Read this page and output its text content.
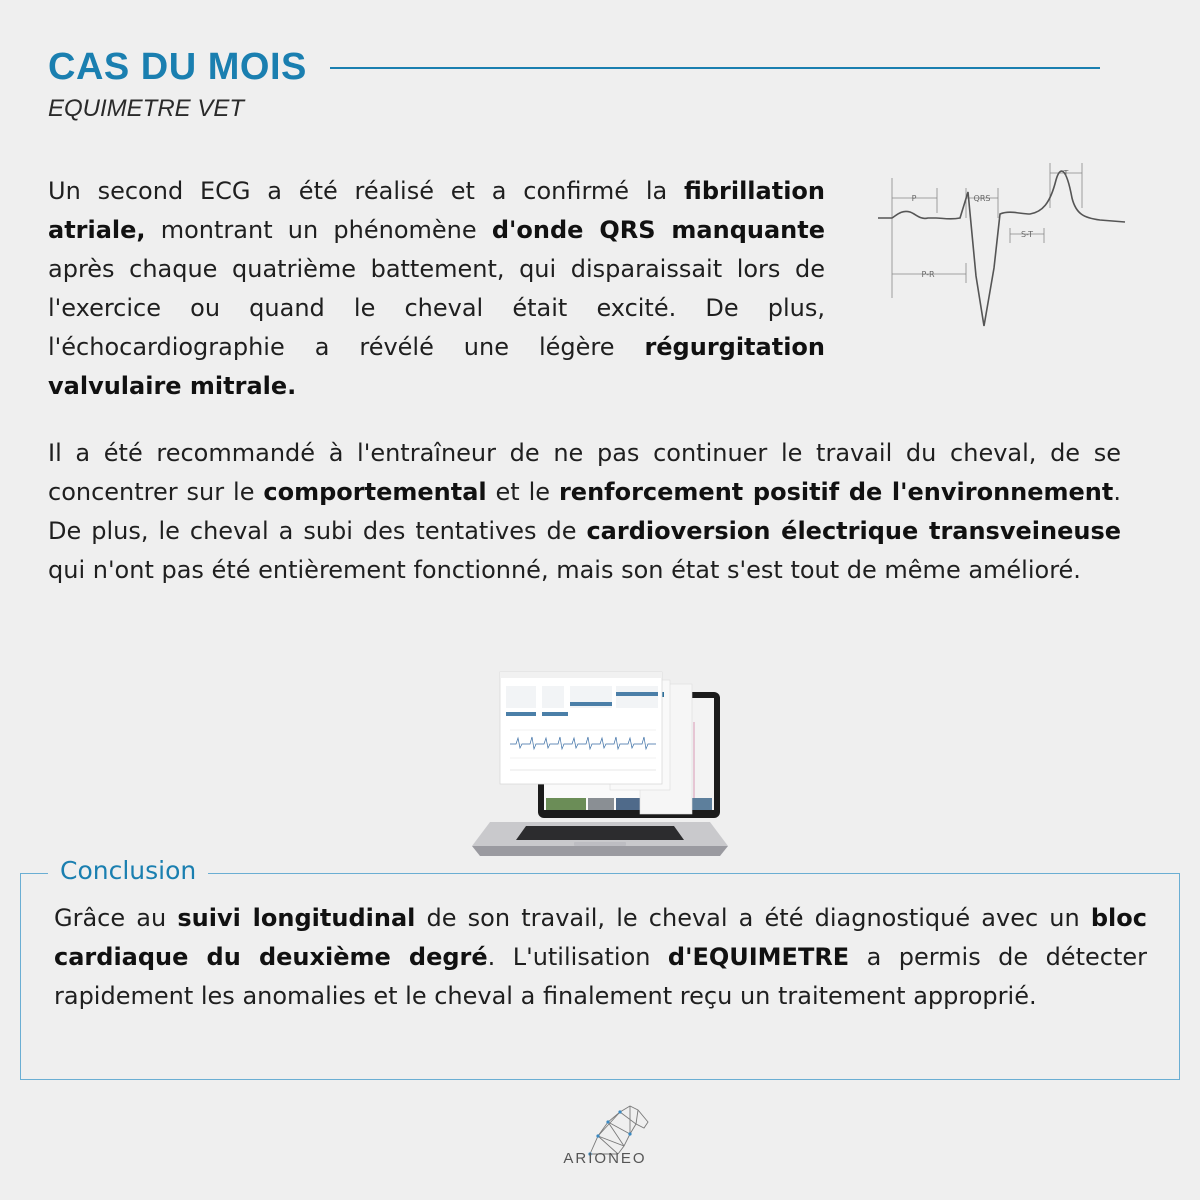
CAS DU MOIS
EQUIMETRE VET
Un second ECG a été réalisé et a confirmé la fibrillation atriale, montrant un phénomène d'onde QRS manquante après chaque quatrième battement, qui disparaissait lors de l'exercice ou quand le cheval était excité. De plus, l'échocardiographie a révélé une légère régurgitation valvulaire mitrale.
P	QRS
T
S-T
P-R
Il a été recommandé à l'entraîneur de ne pas continuer le travail du cheval, de se concentrer sur le comportemental et le renforcement positif de l'environnement. De plus, le cheval a subi des tentatives de cardioversion électrique transveineuse qui n'ont pas été entièrement fonctionné, mais son état s'est tout de même amélioré.
Conclusion
Grâce au suivi longitudinal de son travail, le cheval a été diagnostiqué avec un bloc cardiaque du deuxième degré. L'utilisation d'EQUIMETRE a permis de détecter rapidement les anomalies et le cheval a finalement reçu un traitement approprié.
ARIONEO
